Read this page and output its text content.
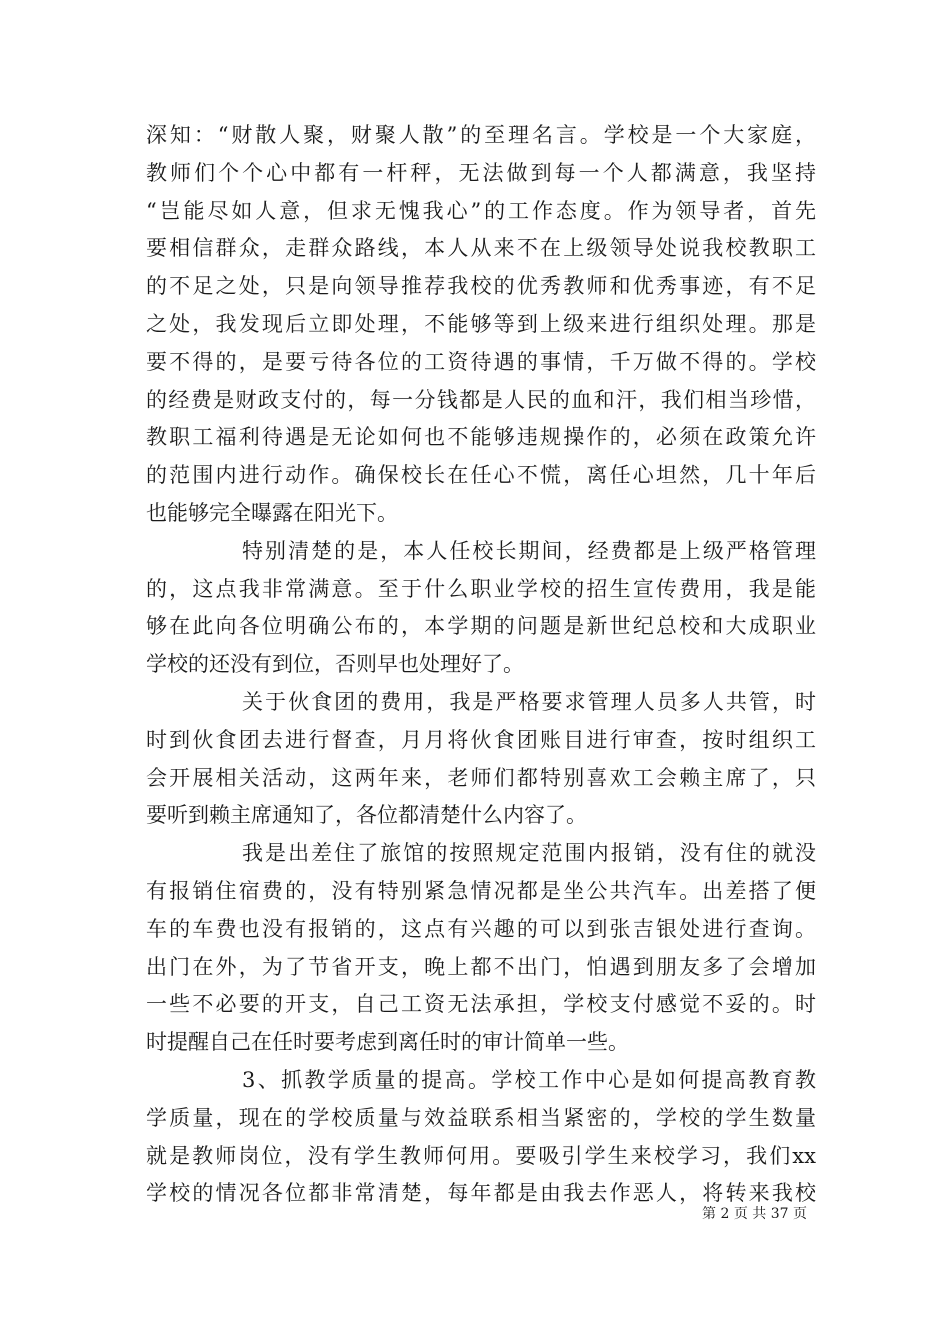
深知：“财散人聚，财聚人散”的至理名言。学校是一个大家庭，
教师们个个心中都有一杆秤，无法做到每一个人都满意，我坚持
“岂能尽如人意，但求无愧我心”的工作态度。作为领导者，首先
要相信群众，走群众路线，本人从来不在上级领导处说我校教职工
的不足之处，只是向领导推荐我校的优秀教师和优秀事迹，有不足
之处，我发现后立即处理，不能够等到上级来进行组织处理。那是
要不得的，是要亏待各位的工资待遇的事情，千万做不得的。学校
的经费是财政支付的，每一分钱都是人民的血和汗，我们相当珍惜，
教职工福利待遇是无论如何也不能够违规操作的，必须在政策允许
的范围内进行动作。确保校长在任心不慌，离任心坦然，几十年后
也能够完全曝露在阳光下。
特别清楚的是，本人任校长期间，经费都是上级严格管理
的，这点我非常满意。至于什么职业学校的招生宣传费用，我是能
够在此向各位明确公布的，本学期的问题是新世纪总校和大成职业
学校的还没有到位，否则早也处理好了。
关于伙食团的费用，我是严格要求管理人员多人共管，时
时到伙食团去进行督查，月月将伙食团账目进行审查，按时组织工
会开展相关活动，这两年来，老师们都特别喜欢工会赖主席了，只
要听到赖主席通知了，各位都清楚什么内容了。
我是出差住了旅馆的按照规定范围内报销，没有住的就没
有报销住宿费的，没有特别紧急情况都是坐公共汽车。出差搭了便
车的车费也没有报销的，这点有兴趣的可以到张吉银处进行查询。
出门在外，为了节省开支，晚上都不出门，怕遇到朋友多了会增加
一些不必要的开支，自己工资无法承担，学校支付感觉不妥的。时
时提醒自己在任时要考虑到离任时的审计简单一些。
3、抓教学质量的提高。学校工作中心是如何提高教育教
学质量，现在的学校质量与效益联系相当紧密的，学校的学生数量
就是教师岗位，没有学生教师何用。要吸引学生来校学习，我们xx
学校的情况各位都非常清楚，每年都是由我去作恶人，将转来我校
第 2 页 共 37 页
